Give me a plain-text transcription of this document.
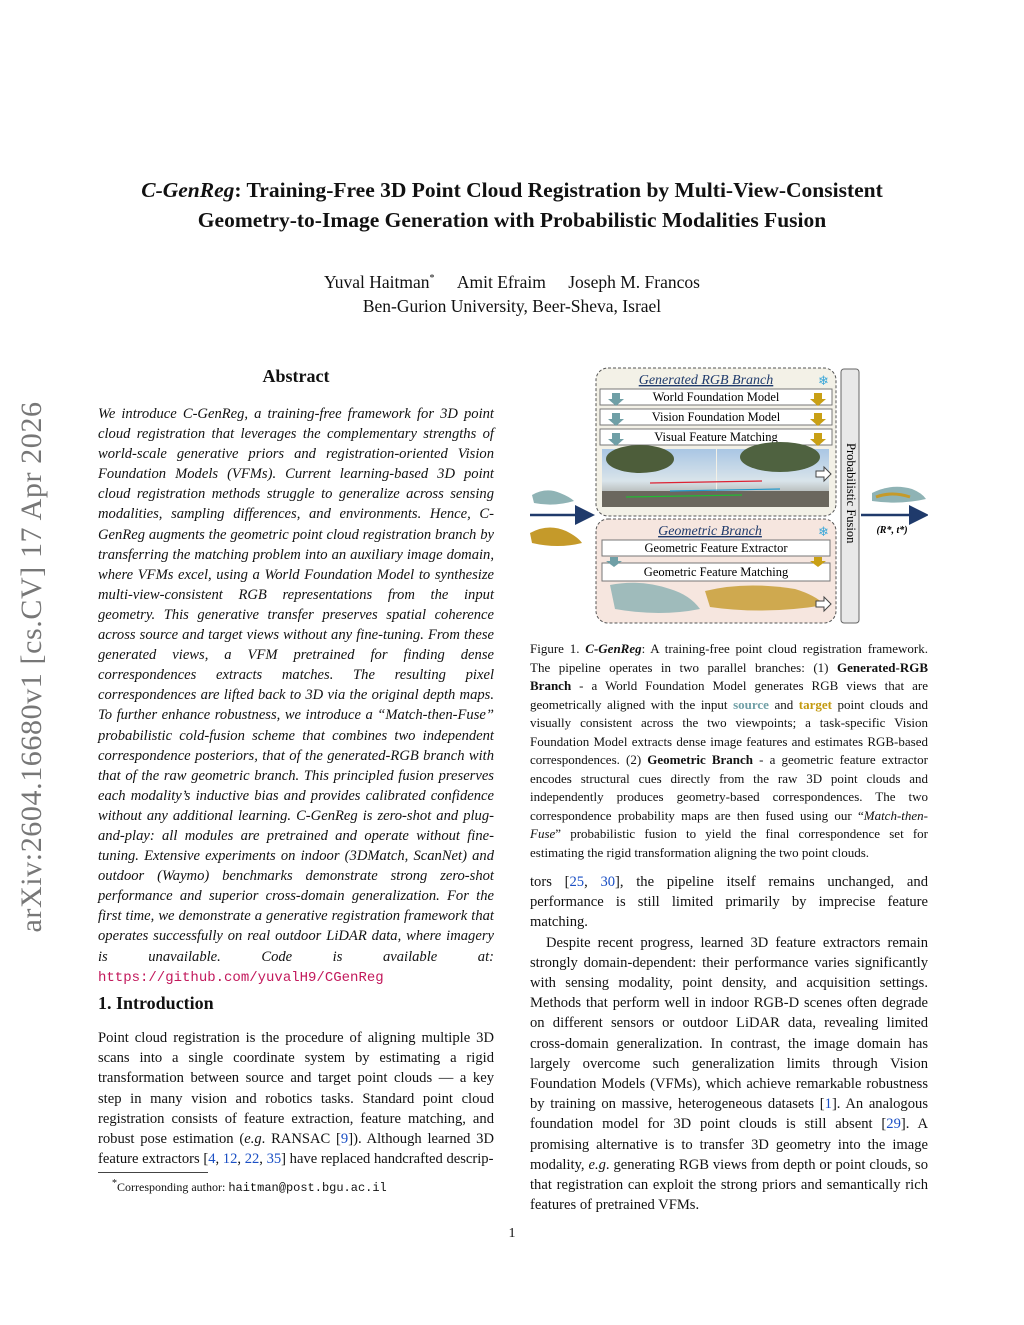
C-GenReg: Training-Free 3D Point Cloud Registration by Multi-View-Consistent
Geometry-to-Image Generation with Probabilistic Modalities Fusion
Yuval Haitman* Amit Efraim Joseph M. Francos
Ben-Gurion University, Beer-Sheva, Israel
arXiv:2604.16680v1 [cs.CV] 17 Apr 2026
Abstract
We introduce C-GenReg, a training-free framework for 3D point cloud registration that leverages the complementary strengths of world-scale generative priors and registration-oriented Vision Foundation Models (VFMs). Current learning-based 3D point cloud registration methods struggle to generalize across sensing modalities, sampling differences, and environments. Hence, C-GenReg augments the geometric point cloud registration branch by transferring the matching problem into an auxiliary image domain, where VFMs excel, using a World Foundation Model to synthesize multi-view-consistent RGB representations from the input geometry. This generative transfer preserves spatial coherence across source and target views without any fine-tuning. From these generated views, a VFM pretrained for finding dense correspondences extracts matches. The resulting pixel correspondences are lifted back to 3D via the original depth maps. To further enhance robustness, we introduce a “Match-then-Fuse” probabilistic cold-fusion scheme that combines two independent correspondence posteriors, that of the generated-RGB branch with that of the raw geometric branch. This principled fusion preserves each modality’s inductive bias and provides calibrated confidence without any additional learning. C-GenReg is zero-shot and plug-and-play: all modules are pretrained and operate without fine-tuning. Extensive experiments on indoor (3DMatch, ScanNet) and outdoor (Waymo) benchmarks demonstrate strong zero-shot performance and superior cross-domain generalization. For the first time, we demonstrate a generative registration framework that operates successfully on real outdoor LiDAR data, where imagery is unavailable. Code is available at: https://github.com/yuvalH9/CGenReg
1. Introduction

Point cloud registration is the procedure of aligning multiple 3D scans into a single coordinate system by estimating a rigid transformation between source and target point clouds — a key step in many vision and robotics tasks. Standard point cloud registration consists of feature extraction, feature matching, and robust pose estimation (e.g. RANSAC [9]). Although learned 3D feature extractors [4, 12, 22, 35] have replaced handcrafted descrip-

*Corresponding author: haitman@post.bgu.ac.il
Generated RGB Branch	❄
World Foundation Model
Vision Foundation Model
Visual Feature Matching
Geometric Branch	❄
Geometric Feature Extractor
Geometric Feature Matching
Probabilistic Fusion (R*, t*)
Figure 1. C-GenReg: A training-free point cloud registration framework. The pipeline operates in two parallel branches: (1) Generated-RGB Branch - a World Foundation Model generates RGB views that are geometrically aligned with the input source and target point clouds and visually consistent across the two viewpoints; a task-specific Vision Foundation Model extracts dense image features and estimates RGB-based correspondences. (2) Geometric Branch - a geometric feature extractor encodes structural cues directly from the raw 3D point clouds and independently produces geometry-based correspondences. The two correspondence probability maps are then fused using our “Match-then-Fuse” probabilistic fusion to yield the final correspondence set for estimating the rigid transformation aligning the two point clouds.

tors [25, 30], the pipeline itself remains unchanged, and performance is still limited primarily by imprecise feature matching.

Despite recent progress, learned 3D feature extractors remain strongly domain-dependent: their performance varies significantly with sensing modality, point density, and acquisition settings. Methods that perform well in indoor RGB-D scenes often degrade on different sensors or outdoor LiDAR data, revealing limited cross-domain generalization. In contrast, the image domain has largely overcome such generalization limits through Vision Foundation Models (VFMs), which achieve remarkable robustness by training on massive, heterogeneous datasets [1]. An analogous foundation model for 3D point clouds is still absent [29]. A promising alternative is to transfer 3D geometry into the image modality, e.g. generating RGB views from depth or point clouds, so that registration can exploit the strong priors and semantically rich features of pretrained VFMs.

1
